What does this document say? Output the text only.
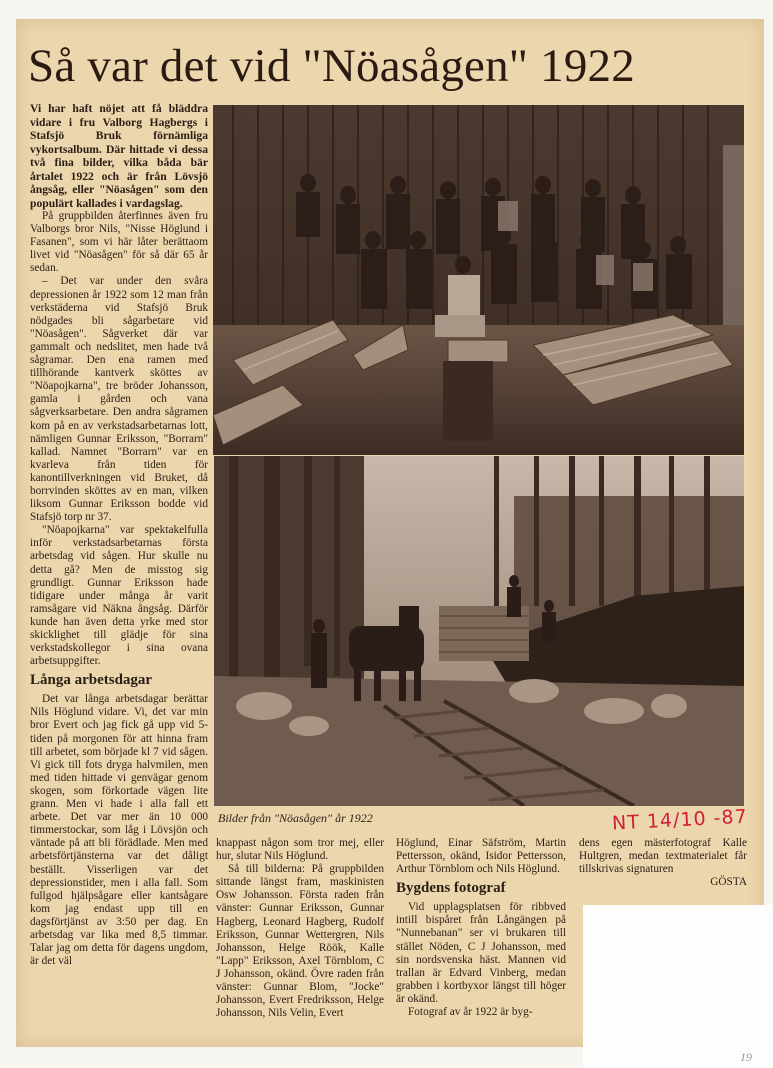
Så var det vid "Nöasågen" 1922

Vi har haft nöjet att få bläddra vidare i fru Valborg Hagbergs i Stafsjö Bruk förnämliga vykortsalbum. Där hittade vi dessa två fina bilder, vilka båda bär årtalet 1922 och är från Lövsjö ångsåg, eller "Nöasågen" som den populärt kallades i vardagslag.

På gruppbilden återfinnes även fru Valborgs bror Nils, "Nisse Höglund i Fasanen", som vi här låter berättaom livet vid "Nöasågen" för så där 65 år sedan.

– Det var under den svåra depressionen år 1922 som 12 man från verkstäderna vid Stafsjö Bruk nödgades bli sågarbetare vid "Nöasågen". Sågverket där var gammalt och nedslitet, men hade två sågramar. Den ena ramen med tillhörande kantverk sköttes av "Nöapojkarna", tre bröder Johansson, gamla i gården och vana sågverksarbetare. Den andra sågramen kom på en av verkstadsarbetarnas lott, nämligen Gunnar Eriksson, "Borrarn" kallad. Namnet "Borrarn" var en kvarleva från tiden för kanontillverkningen vid Bruket, då borrvinden sköttes av en man, vilken liksom Gunnar Eriksson bodde vid Stafsjö torp nr 37.

"Nöapojkarna" var spektakelfulla inför verkstadsarbetarnas första arbetsdag vid sågen. Hur skulle nu detta gå? Men de misstog sig grundligt. Gunnar Eriksson hade tidigare under många år varit ramsågare vid Näkna ångsåg. Därför kunde han även detta yrke med stor skicklighet till glädje för sina verkstadskollegor i sina ovana arbetsuppgifter.

Långa arbetsdagar

Det var långa arbetsdagar berättar Nils Höglund vidare. Vi, det var min bror Evert och jag fick gå upp vid 5-tiden på morgonen för att hinna fram till arbetet, som började kl 7 vid sågen. Vi gick till fots dryga halvmilen, men med tiden hittade vi genvägar genom skogen, som förkortade vägen lite grann. Men vi hade i alla fall ett arbete. Det var mer än 10 000 timmerstockar, som låg i Lövsjön och väntade på att bli förädlade. Men med arbetsförtjänsterna var det dåligt beställt. Visserligen var det depressionstider, men i alla fall. Som fullgod hjälpsågare eller kantsågare kom jag endast upp till en dagsförtjänst av 3:50 per dag. En arbetsdag var lika med 8,5 timmar. Talar jag om detta för dagens ungdom, är det väl

Bilder från "Nöasågen" år 1922	NT 14/10 -87

knappast någon som tror mej, eller hur, slutar Nils Höglund.

Så till bilderna: På gruppbilden sittande längst fram, maskinisten Osw Johansson. Första raden från vänster: Gunnar Eriksson, Gunnar Hagberg, Leonard Hagberg, Rudolf Eriksson, Gunnar Wettergren, Nils Johansson, Helge Röök, Kalle "Lapp" Eriksson, Axel Törnblom, C J Johansson, okänd. Övre raden från vänster: Gunnar Blom, "Jocke" Johansson, Evert Fredriksson, Helge Johansson, Nils Velin, Evert

Höglund, Einar Säfström, Martin Pettersson, okänd, Isidor Pettersson, Arthur Törnblom och Nils Höglund.

Bygdens fotograf

Vid upplagsplatsen för ribbved intill bispåret från Långängen på "Nunnebanan" ser vi brukaren till stället Nöden, C J Johansson, med sin nordsvenska häst. Mannen vid trallan är Edvard Vinberg, medan grabben i kortbyxor längst till höger är okänd.

Fotograf av år 1922 är byg-

dens egen mästerfotograf Kalle Hultgren, medan textmaterialet får tillskrivas signaturen

GÖSTA

19
